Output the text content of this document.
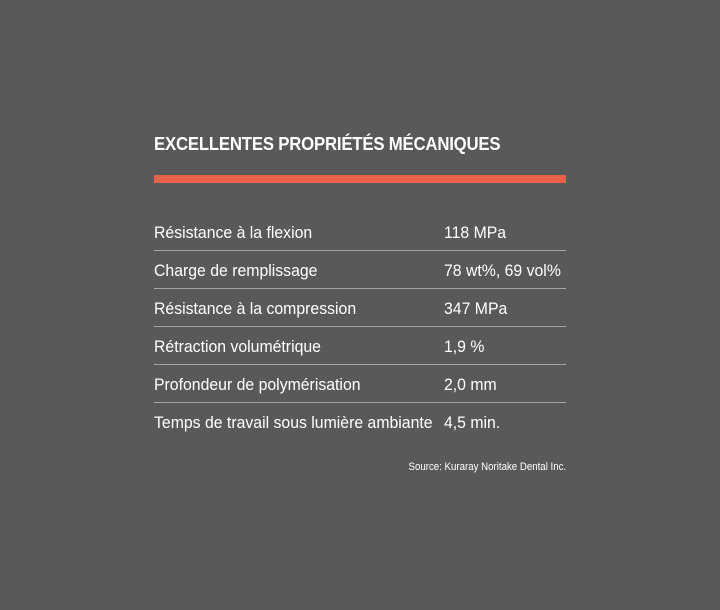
EXCELLENTES PROPRIÉTÉS MÉCANIQUES
Résistance à la flexion	118 MPa
Charge de remplissage	78 wt%, 69 vol%
Résistance à la compression	347 MPa
Rétraction volumétrique	1,9 %
Profondeur de polymérisation	2,0 mm
Temps de travail sous lumière ambiante 4,5 min.
Source: Kuraray Noritake Dental Inc.
